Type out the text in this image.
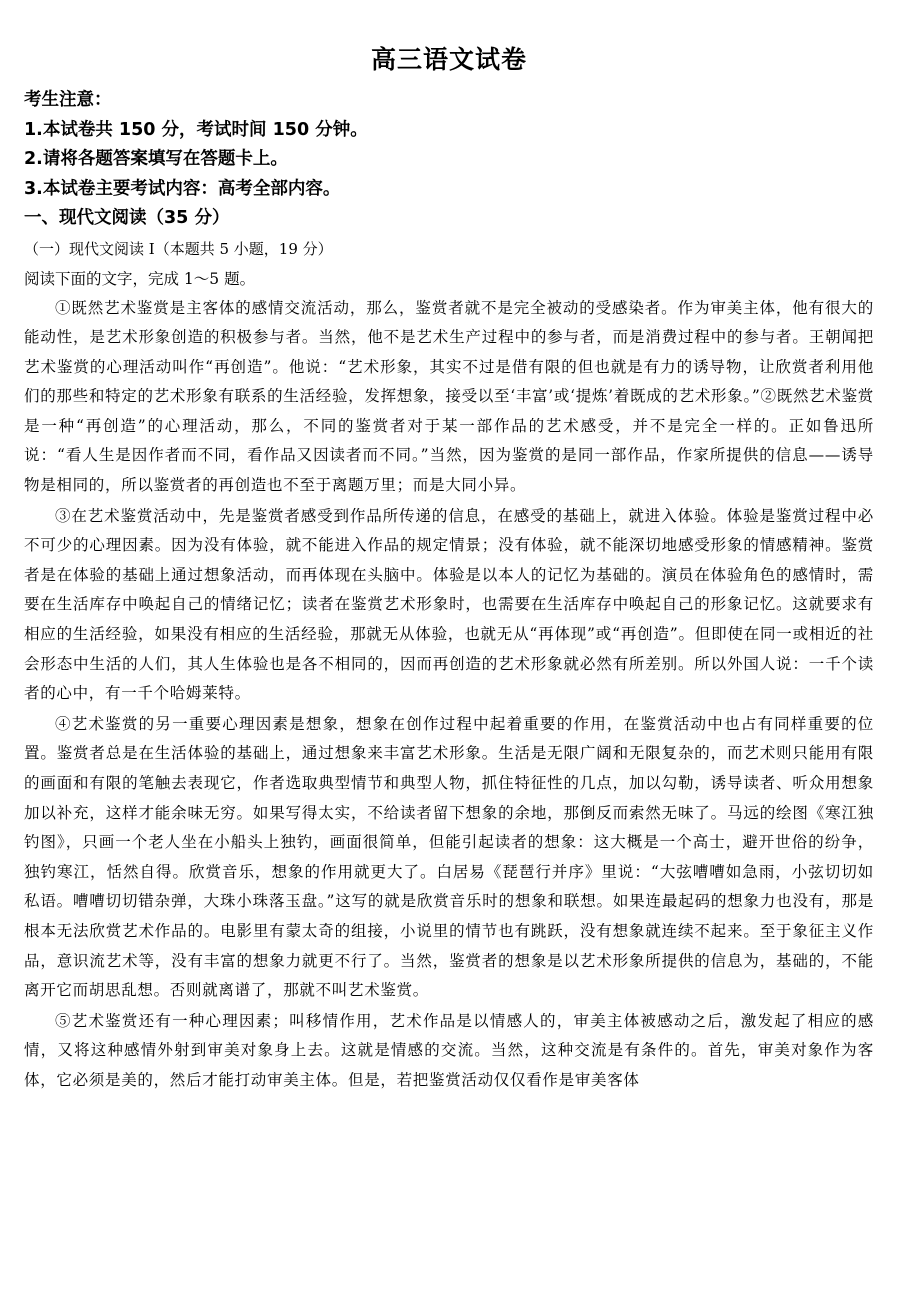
高三语文试卷

考生注意：

1.本试卷共 150 分，考试时间 150 分钟。

2.请将各题答案填写在答题卡上。

3.本试卷主要考试内容：高考全部内容。

一、现代文阅读（35 分）

（一）现代文阅读 I（本题共 5 小题，19 分）

阅读下面的文字，完成 1～5 题。

①既然艺术鉴赏是主客体的感情交流活动，那么，鉴赏者就不是完全被动的受感染者。作为审美主体，他有很大的能动性，是艺术形象创造的积极参与者。当然，他不是艺术生产过程中的参与者，而是消费过程中的参与者。王朝闻把艺术鉴赏的心理活动叫作“再创造”。他说：“艺术形象，其实不过是借有限的但也就是有力的诱导物，让欣赏者利用他们的那些和特定的艺术形象有联系的生活经验，发挥想象，接受以至‘丰富’或‘提炼’着既成的艺术形象。”②既然艺术鉴赏是一种“再创造”的心理活动，那么，不同的鉴赏者对于某一部作品的艺术感受，并不是完全一样的。正如鲁迅所说：“看人生是因作者而不同，看作品又因读者而不同。”当然，因为鉴赏的是同一部作品，作家所提供的信息——诱导物是相同的，所以鉴赏者的再创造也不至于离题万里；而是大同小异。

③在艺术鉴赏活动中，先是鉴赏者感受到作品所传递的信息，在感受的基础上，就进入体验。体验是鉴赏过程中必不可少的心理因素。因为没有体验，就不能进入作品的规定情景；没有体验，就不能深切地感受形象的情感精神。鉴赏者是在体验的基础上通过想象活动，而再体现在头脑中。体验是以本人的记忆为基础的。演员在体验角色的感情时，需要在生活库存中唤起自己的情绪记忆；读者在鉴赏艺术形象时，也需要在生活库存中唤起自己的形象记忆。这就要求有相应的生活经验，如果没有相应的生活经验，那就无从体验，也就无从“再体现”或“再创造”。但即使在同一或相近的社会形态中生活的人们，其人生体验也是各不相同的，因而再创造的艺术形象就必然有所差别。所以外国人说：一千个读者的心中，有一千个哈姆莱特。

④艺术鉴赏的另一重要心理因素是想象，想象在创作过程中起着重要的作用，在鉴赏活动中也占有同样重要的位置。鉴赏者总是在生活体验的基础上，通过想象来丰富艺术形象。生活是无限广阔和无限复杂的，而艺术则只能用有限的画面和有限的笔触去表现它，作者选取典型情节和典型人物，抓住特征性的几点，加以勾勒，诱导读者、听众用想象加以补充，这样才能余味无穷。如果写得太实，不给读者留下想象的余地，那倒反而索然无味了。马远的绘图《寒江独钓图》，只画一个老人坐在小船头上独钓，画面很简单，但能引起读者的想象：这大概是一个高士，避开世俗的纷争，独钓寒江，恬然自得。欣赏音乐，想象的作用就更大了。白居易《琵琶行并序》里说：“大弦嘈嘈如急雨，小弦切切如私语。嘈嘈切切错杂弹，大珠小珠落玉盘。”这写的就是欣赏音乐时的想象和联想。如果连最起码的想象力也没有，那是根本无法欣赏艺术作品的。电影里有蒙太奇的组接，小说里的情节也有跳跃，没有想象就连续不起来。至于象征主义作品，意识流艺术等，没有丰富的想象力就更不行了。当然，鉴赏者的想象是以艺术形象所提供的信息为，基础的，不能离开它而胡思乱想。否则就离谱了，那就不叫艺术鉴赏。

⑤艺术鉴赏还有一种心理因素；叫移情作用，艺术作品是以情感人的，审美主体被感动之后，激发起了相应的感情，又将这种感情外射到审美对象身上去。这就是情感的交流。当然，这种交流是有条件的。首先，审美对象作为客体，它必须是美的，然后才能打动审美主体。但是，若把鉴赏活动仅仅看作是审美客体
